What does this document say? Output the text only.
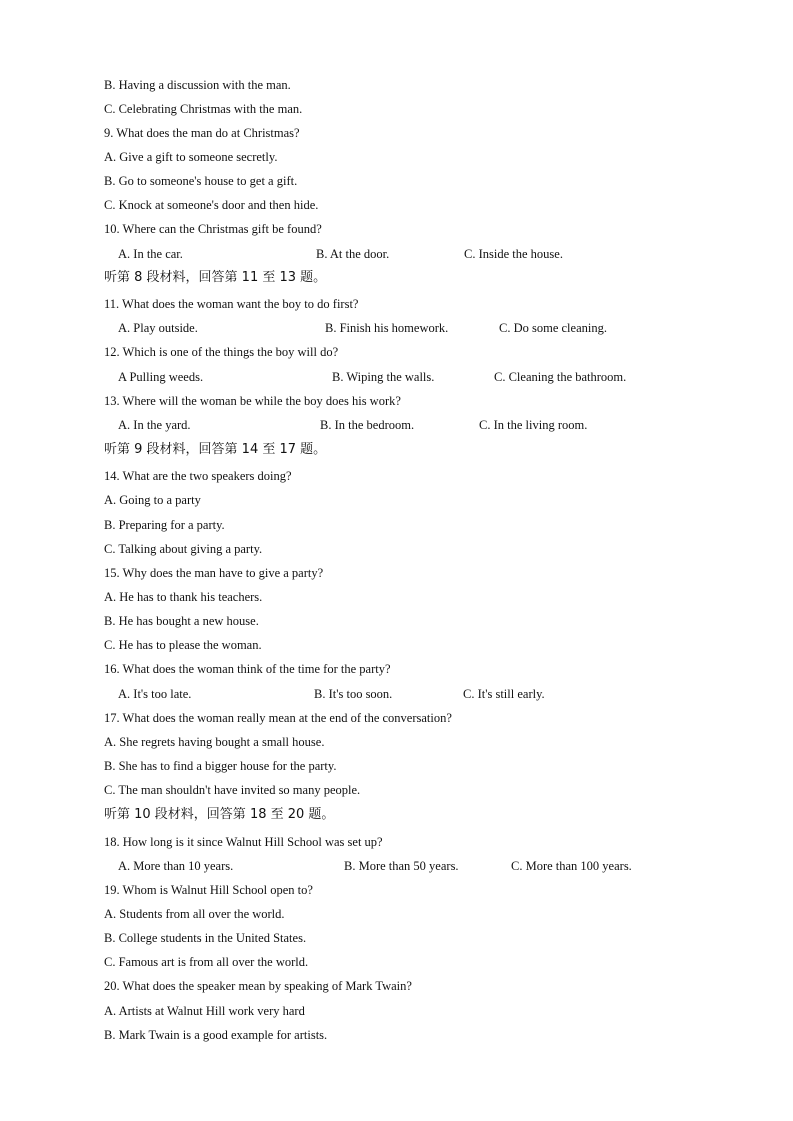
B. Having a discussion with the man.
C. Celebrating Christmas with the man.
9. What does the man do at Christmas?
A. Give a gift to someone secretly.
B. Go to someone's house to get a gift.
C. Knock at someone's door and then hide.
10. Where can the Christmas gift be found?
A. In the car.	B. At the door.	C. Inside the house.
听第 8 段材料，回答第 11 至 13 题。
11. What does the woman want the boy to do first?
A. Play outside.	B. Finish his homework.	C. Do some cleaning.
12. Which is one of the things the boy will do?
A Pulling weeds.	B. Wiping the walls.	C. Cleaning the bathroom.
13. Where will the woman be while the boy does his work?
A. In the yard.	B. In the bedroom.	C. In the living room.
听第 9 段材料，回答第 14 至 17 题。
14. What are the two speakers doing?
A. Going to a party
B. Preparing for a party.
C. Talking about giving a party.
15. Why does the man have to give a party?
A. He has to thank his teachers.
B. He has bought a new house.
C. He has to please the woman.
16. What does the woman think of the time for the party?
A. It's too late.	B. It's too soon.	C. It's still early.
17. What does the woman really mean at the end of the conversation?
A. She regrets having bought a small house.
B. She has to find a bigger house for the party.
C. The man shouldn't have invited so many people.
听第 10 段材料，回答第 18 至 20 题。
18. How long is it since Walnut Hill School was set up?
A. More than 10 years.	B. More than 50 years.	C. More than 100 years.
19. Whom is Walnut Hill School open to?
A. Students from all over the world.
B. College students in the United States.
C. Famous art is from all over the world.
20. What does the speaker mean by speaking of Mark Twain?
A. Artists at Walnut Hill work very hard
B. Mark Twain is a good example for artists.
